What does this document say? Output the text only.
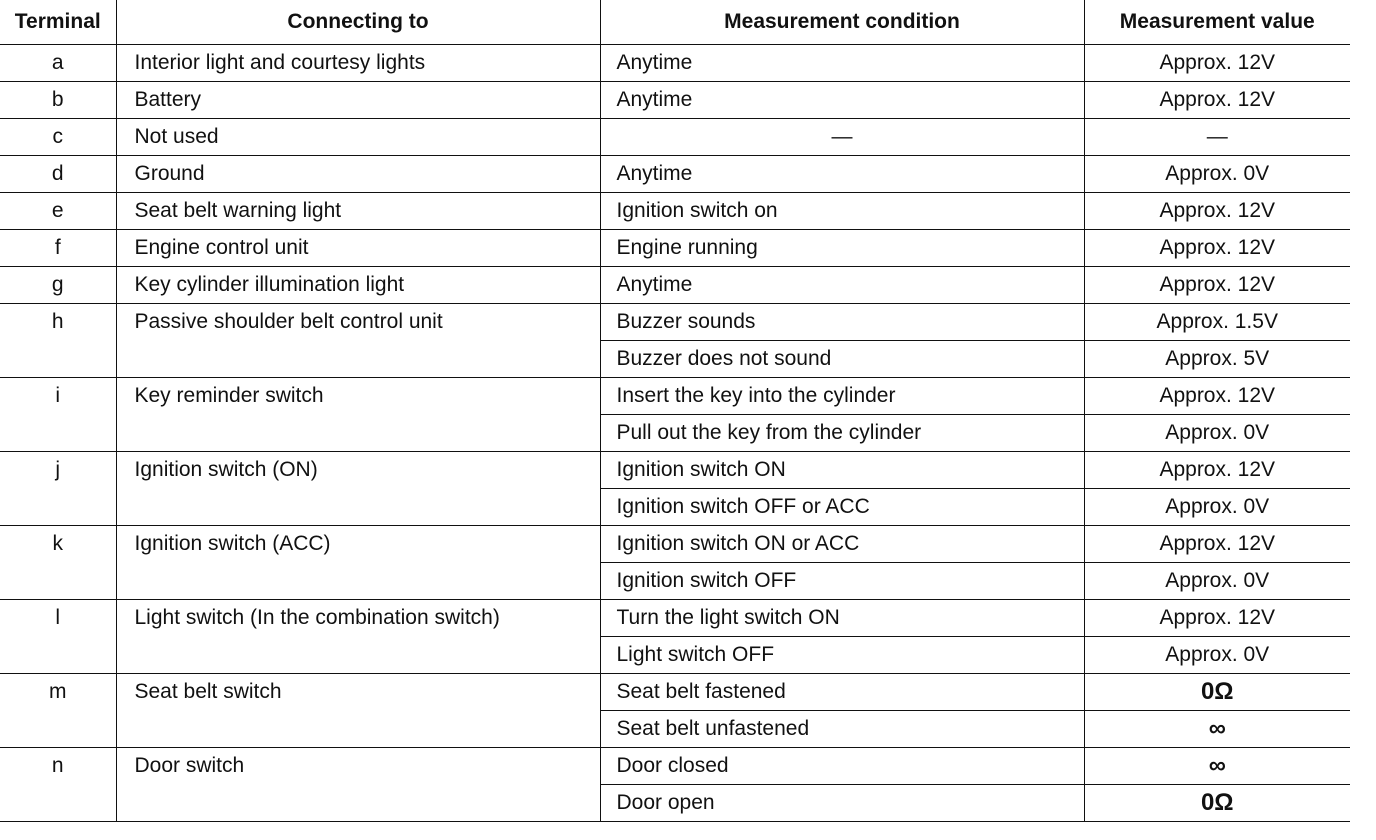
Terminal	Connecting to	Measurement condition	Measurement value
a	Interior light and courtesy lights	Anytime	Approx. 12V
b	Battery	Anytime	Approx. 12V
c	Not used	—	—
d	Ground	Anytime	Approx. 0V
e	Seat belt warning light	Ignition switch on	Approx. 12V
f	Engine control unit	Engine running	Approx. 12V
g	Key cylinder illumination light	Anytime	Approx. 12V
h	Passive shoulder belt control unit	Buzzer sounds	Approx. 1.5V
		Buzzer does not sound	Approx. 5V
i	Key reminder switch	Insert the key into the cylinder	Approx. 12V
		Pull out the key from the cylinder	Approx. 0V
j	Ignition switch (ON)	Ignition switch ON	Approx. 12V
		Ignition switch OFF or ACC	Approx. 0V
k	Ignition switch (ACC)	Ignition switch ON or ACC	Approx. 12V
		Ignition switch OFF	Approx. 0V
l	Light switch (In the combination switch)	Turn the light switch ON	Approx. 12V
		Light switch OFF	Approx. 0V
m	Seat belt switch	Seat belt fastened	0Ω
		Seat belt unfastened	∞
n	Door switch	Door closed	∞
		Door open	0Ω
